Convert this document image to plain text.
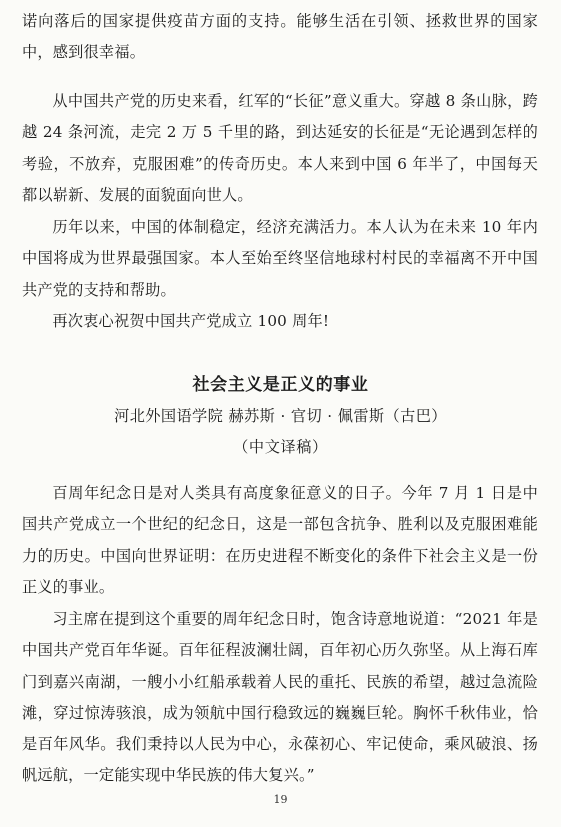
诺向落后的国家提供疫苗方面的支持。能够生活在引领、拯救世界的国家中，感到很幸福。

从中国共产党的历史来看，红军的“长征”意义重大。穿越 8 条山脉，跨越 24 条河流，走完 2 万 5 千里的路，到达延安的长征是“无论遇到怎样的考验，不放弃，克服困难”的传奇历史。本人来到中国 6 年半了，中国每天都以崭新、发展的面貌面向世人。

历年以来，中国的体制稳定，经济充满活力。本人认为在未来 10 年内中国将成为世界最强国家。本人至始至终坚信地球村村民的幸福离不开中国共产党的支持和帮助。

再次衷心祝贺中国共产党成立 100 周年!

社会主义是正义的事业

河北外国语学院 赫苏斯 · 官切 · 佩雷斯（古巴）

（中文译稿）

百周年纪念日是对人类具有高度象征意义的日子。今年 7 月 1 日是中国共产党成立一个世纪的纪念日，这是一部包含抗争、胜利以及克服困难能力的历史。中国向世界证明：在历史进程不断变化的条件下社会主义是一份正义的事业。

习主席在提到这个重要的周年纪念日时，饱含诗意地说道：“2021 年是中国共产党百年华诞。百年征程波澜壮阔，百年初心历久弥坚。从上海石库门到嘉兴南湖，一艘小小红船承载着人民的重托、民族的希望，越过急流险滩，穿过惊涛骇浪，成为领航中国行稳致远的巍巍巨轮。胸怀千秋伟业，恰是百年风华。我们秉持以人民为中心，永葆初心、牢记使命，乘风破浪、扬帆远航，一定能实现中华民族的伟大复兴。”

19
